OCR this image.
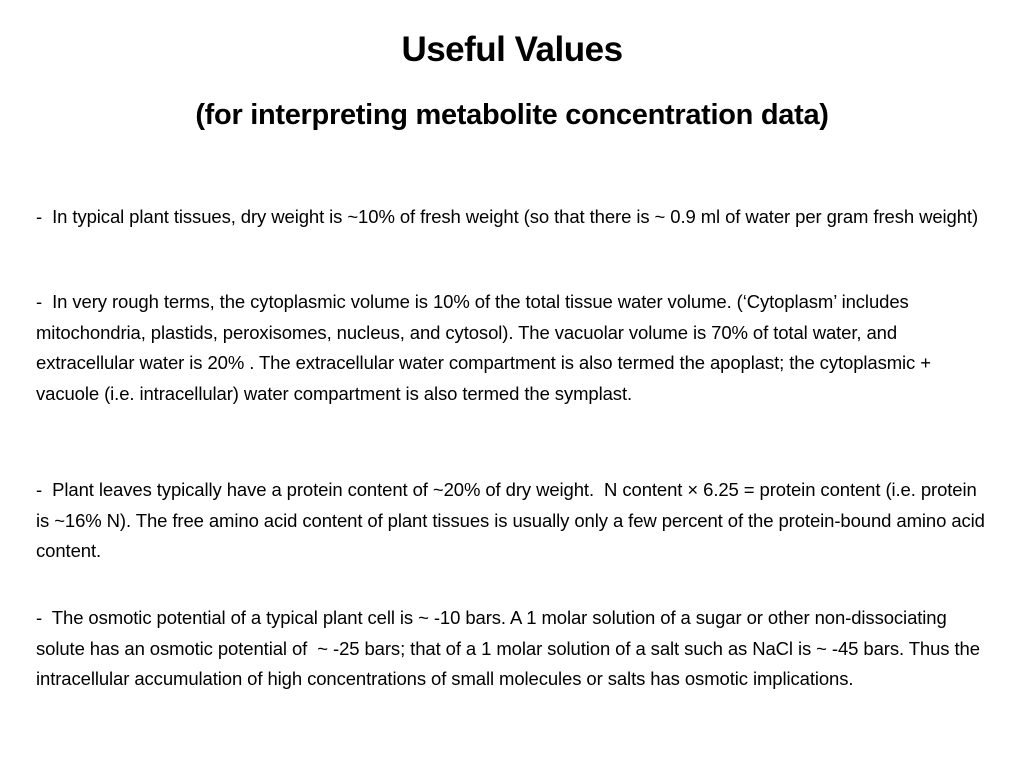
Useful Values
(for interpreting metabolite concentration data)
-  In typical plant tissues, dry weight is ~10% of fresh weight (so that there is ~ 0.9 ml of water per gram fresh weight)
-  In very rough terms, the cytoplasmic volume is 10% of the total tissue water volume. (‘Cytoplasm’ includes mitochondria, plastids, peroxisomes, nucleus, and cytosol). The vacuolar volume is 70% of total water, and extracellular water is 20% . The extracellular water compartment is also termed the apoplast; the cytoplasmic + vacuole (i.e. intracellular) water compartment is also termed the symplast.
-  Plant leaves typically have a protein content of ~20% of dry weight.  N content × 6.25 = protein content (i.e. protein is ~16% N). The free amino acid content of plant tissues is usually only a few percent of the protein-bound amino acid content.
-  The osmotic potential of a typical plant cell is ~ -10 bars. A 1 molar solution of a sugar or other non-dissociating solute has an osmotic potential of  ~ -25 bars; that of a 1 molar solution of a salt such as NaCl is ~ -45 bars. Thus the intracellular accumulation of high concentrations of small molecules or salts has osmotic implications.
